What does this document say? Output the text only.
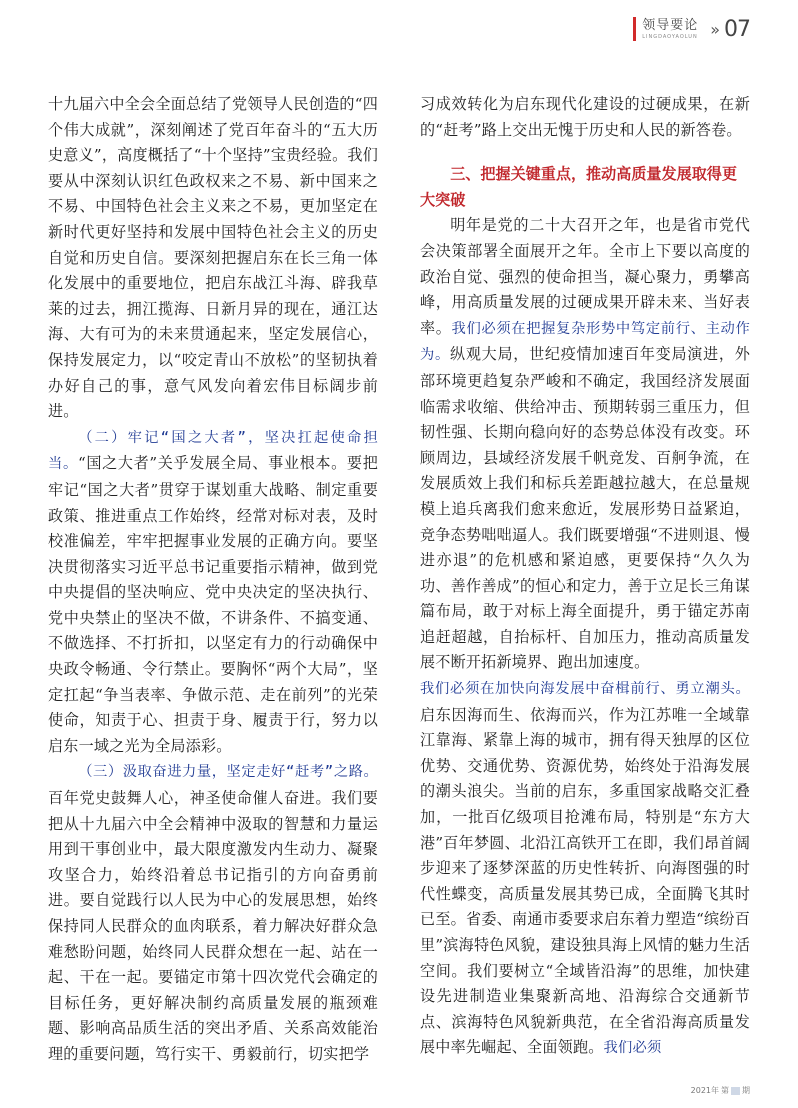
领导要论
LINGDAOYAOLUN » 07

十九届六中全会全面总结了党领导人民创造的“四个伟大成就”，深刻阐述了党百年奋斗的“五大历史意义”，高度概括了“十个坚持”宝贵经验。我们要从中深刻认识红色政权来之不易、新中国来之不易、中国特色社会主义来之不易，更加坚定在新时代更好坚持和发展中国特色社会主义的历史自觉和历史自信。要深刻把握启东在长三角一体化发展中的重要地位，把启东战江斗海、辟我草莱的过去，拥江揽海、日新月异的现在，通江达海、大有可为的未来贯通起来，坚定发展信心，保持发展定力，以“咬定青山不放松”的坚韧执着办好自己的事，意气风发向着宏伟目标阔步前进。

（二）牢记“国之大者”，坚决扛起使命担当。“国之大者”关乎发展全局、事业根本。要把牢记“国之大者”贯穿于谋划重大战略、制定重要政策、推进重点工作始终，经常对标对表，及时校准偏差，牢牢把握事业发展的正确方向。要坚决贯彻落实习近平总书记重要指示精神，做到党中央提倡的坚决响应、党中央决定的坚决执行、党中央禁止的坚决不做，不讲条件、不搞变通、不做选择、不打折扣，以坚定有力的行动确保中央政令畅通、令行禁止。要胸怀“两个大局”，坚定扛起“争当表率、争做示范、走在前列”的光荣使命，知责于心、担责于身、履责于行，努力以启东一域之光为全局添彩。

（三）汲取奋进力量，坚定走好“赶考”之路。百年党史鼓舞人心，神圣使命催人奋进。我们要把从十九届六中全会精神中汲取的智慧和力量运用到干事创业中，最大限度激发内生动力、凝聚攻坚合力，始终沿着总书记指引的方向奋勇前进。要自觉践行以人民为中心的发展思想，始终保持同人民群众的血肉联系，着力解决好群众急难愁盼问题，始终同人民群众想在一起、站在一起、干在一起。要锚定市第十四次党代会确定的目标任务，更好解决制约高质量发展的瓶颈难题、影响高品质生活的突出矛盾、关系高效能治理的重要问题，笃行实干、勇毅前行，切实把学

习成效转化为启东现代化建设的过硬成果，在新的“赶考”路上交出无愧于历史和人民的新答卷。

三、把握关键重点，推动高质量发展取得更大突破

明年是党的二十大召开之年，也是省市党代会决策部署全面展开之年。全市上下要以高度的政治自觉、强烈的使命担当，凝心聚力，勇攀高峰，用高质量发展的过硬成果开辟未来、当好表率。我们必须在把握复杂形势中笃定前行、主动作为。纵观大局，世纪疫情加速百年变局演进，外部环境更趋复杂严峻和不确定，我国经济发展面临需求收缩、供给冲击、预期转弱三重压力，但韧性强、长期向稳向好的态势总体没有改变。环顾周边，县域经济发展千帆竞发、百舸争流，在发展质效上我们和标兵差距越拉越大，在总量规模上追兵离我们愈来愈近，发展形势日益紧迫，竞争态势咄咄逼人。我们既要增强“不进则退、慢进亦退”的危机感和紧迫感，更要保持“久久为功、善作善成”的恒心和定力，善于立足长三角谋篇布局，敢于对标上海全面提升，勇于锚定苏南追赶超越，自抬标杆、自加压力，推动高质量发展不断开拓新境界、跑出加速度。

我们必须在加快向海发展中奋楫前行、勇立潮头。启东因海而生、依海而兴，作为江苏唯一全域靠江靠海、紧靠上海的城市，拥有得天独厚的区位优势、交通优势、资源优势，始终处于沿海发展的潮头浪尖。当前的启东，多重国家战略交汇叠加，一批百亿级项目抢滩布局，特别是“东方大港”百年梦圆、北沿江高铁开工在即，我们昂首阔步迎来了逐梦深蓝的历史性转折、向海图强的时代性蝶变，高质量发展其势已成，全面腾飞其时已至。省委、南通市委要求启东着力塑造“缤纷百里”滨海特色风貌，建设独具海上风情的魅力生活空间。我们要树立“全域皆沿海”的思维，加快建设先进制造业集聚新高地、沿海综合交通新节点、滨海特色风貌新典范，在全省沿海高质量发展中率先崛起、全面领跑。我们必须

2021年 第 期
